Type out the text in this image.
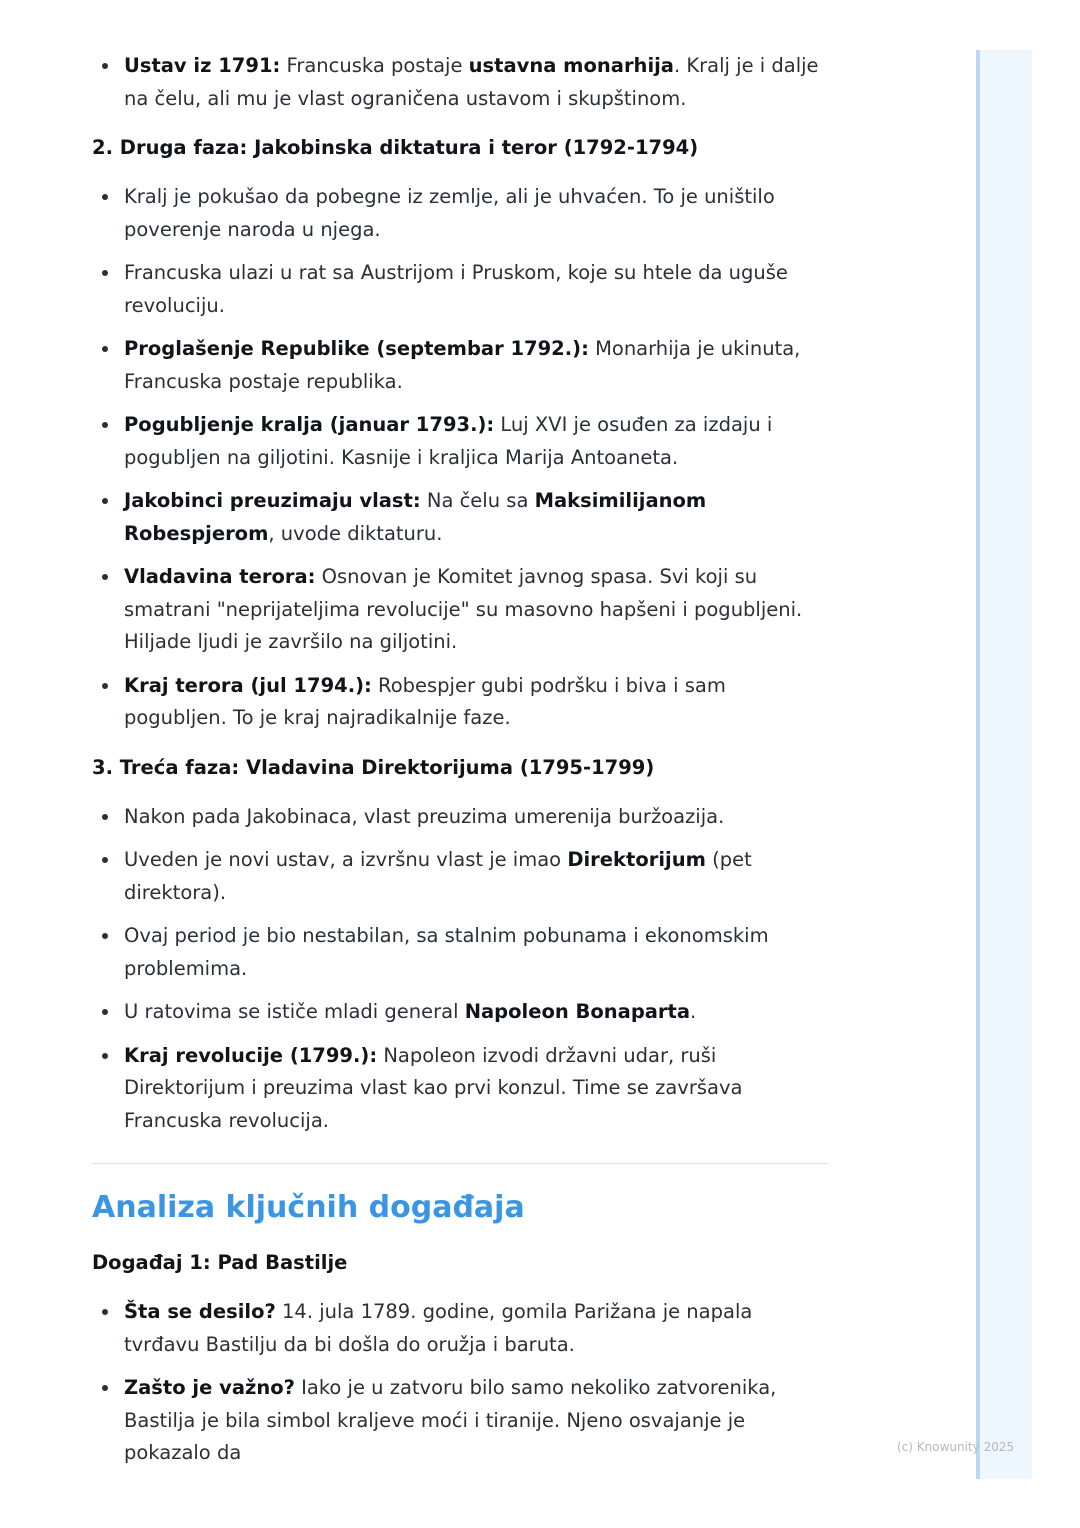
Ustav iz 1791: Francuska postaje ustavna monarhija. Kralj je i dalje na čelu, ali mu je vlast ograničena ustavom i skupštinom.

2. Druga faza: Jakobinska diktatura i teror (1792-1794)

Kralj je pokušao da pobegne iz zemlje, ali je uhvaćen. To je uništilo poverenje naroda u njega.
Francuska ulazi u rat sa Austrijom i Pruskom, koje su htele da uguše revoluciju.
Proglašenje Republike (septembar 1792.): Monarhija je ukinuta, Francuska postaje republika.
Pogubljenje kralja (januar 1793.): Luj XVI je osuđen za izdaju i pogubljen na giljotini. Kasnije i kraljica Marija Antoaneta.
Jakobinci preuzimaju vlast: Na čelu sa Maksimilijanom Robespjerom, uvode diktaturu.
Vladavina terora: Osnovan je Komitet javnog spasa. Svi koji su smatrani "neprijateljima revolucije" su masovno hapšeni i pogubljeni. Hiljade ljudi je završilo na giljotini.
Kraj terora (jul 1794.): Robespjer gubi podršku i biva i sam pogubljen. To je kraj najradikalnije faze.

3. Treća faza: Vladavina Direktorijuma (1795-1799)

Nakon pada Jakobinaca, vlast preuzima umerenija buržoazija.
Uveden je novi ustav, a izvršnu vlast je imao Direktorijum (pet direktora).
Ovaj period je bio nestabilan, sa stalnim pobunama i ekonomskim problemima.
U ratovima se ističe mladi general Napoleon Bonaparta.
Kraj revolucije (1799.): Napoleon izvodi državni udar, ruši Direktorijum i preuzima vlast kao prvi konzul. Time se završava Francuska revolucija.
Analiza ključnih događaja

Događaj 1: Pad Bastilje

Šta se desilo? 14. jula 1789. godine, gomila Parižana je napala tvrđavu Bastilju da bi došla do oružja i baruta.
Zašto je važno? Iako je u zatvoru bilo samo nekoliko zatvorenika, Bastilja je bila simbol kraljeve moći i tiranije. Njeno osvajanje je pokazalo da	(c) Knowunity 2025
